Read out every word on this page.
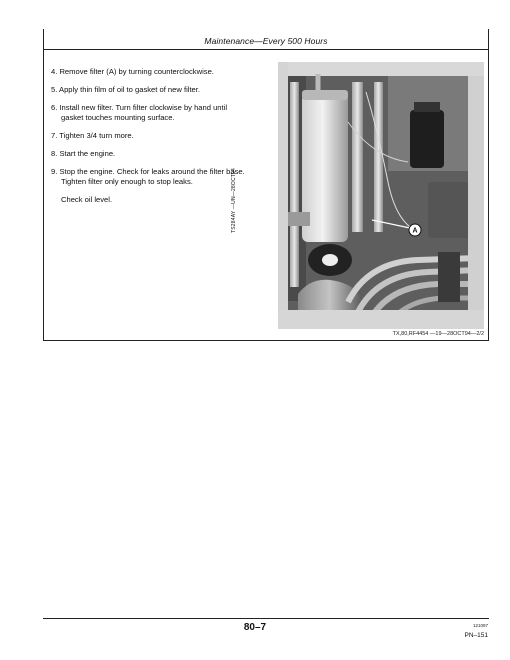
Maintenance—Every 500 Hours
4. Remove filter (A) by turning counterclockwise.
5. Apply thin film of oil to gasket of new filter.
6. Install new filter. Turn filter clockwise by hand until
gasket touches mounting surface.
7. Tighten 3/4 turn more.
8. Start the engine.
9. Stop the engine. Check for leaks around the filter base.
Tighten filter only enough to stop leaks.
Check oil level.
A
TS284AY —UN—28OCT94
TX,80,RF4454 —19—28OCT94—2/2
80–7	121097
PN–151
